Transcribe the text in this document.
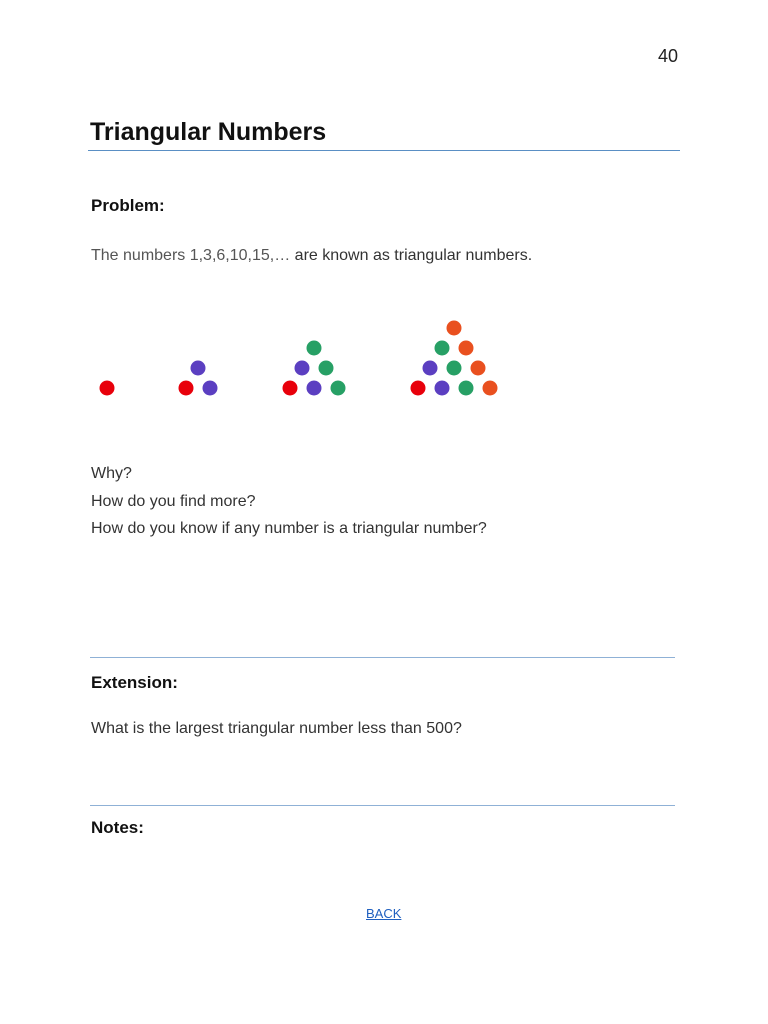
40
Triangular Numbers
Problem:

The numbers 1,3,6,10,15,… are known as triangular numbers.

Why?
How do you find more?
How do you know if any number is a triangular number?
Extension:

What is the largest triangular number less than 500?

Notes:
BACK
